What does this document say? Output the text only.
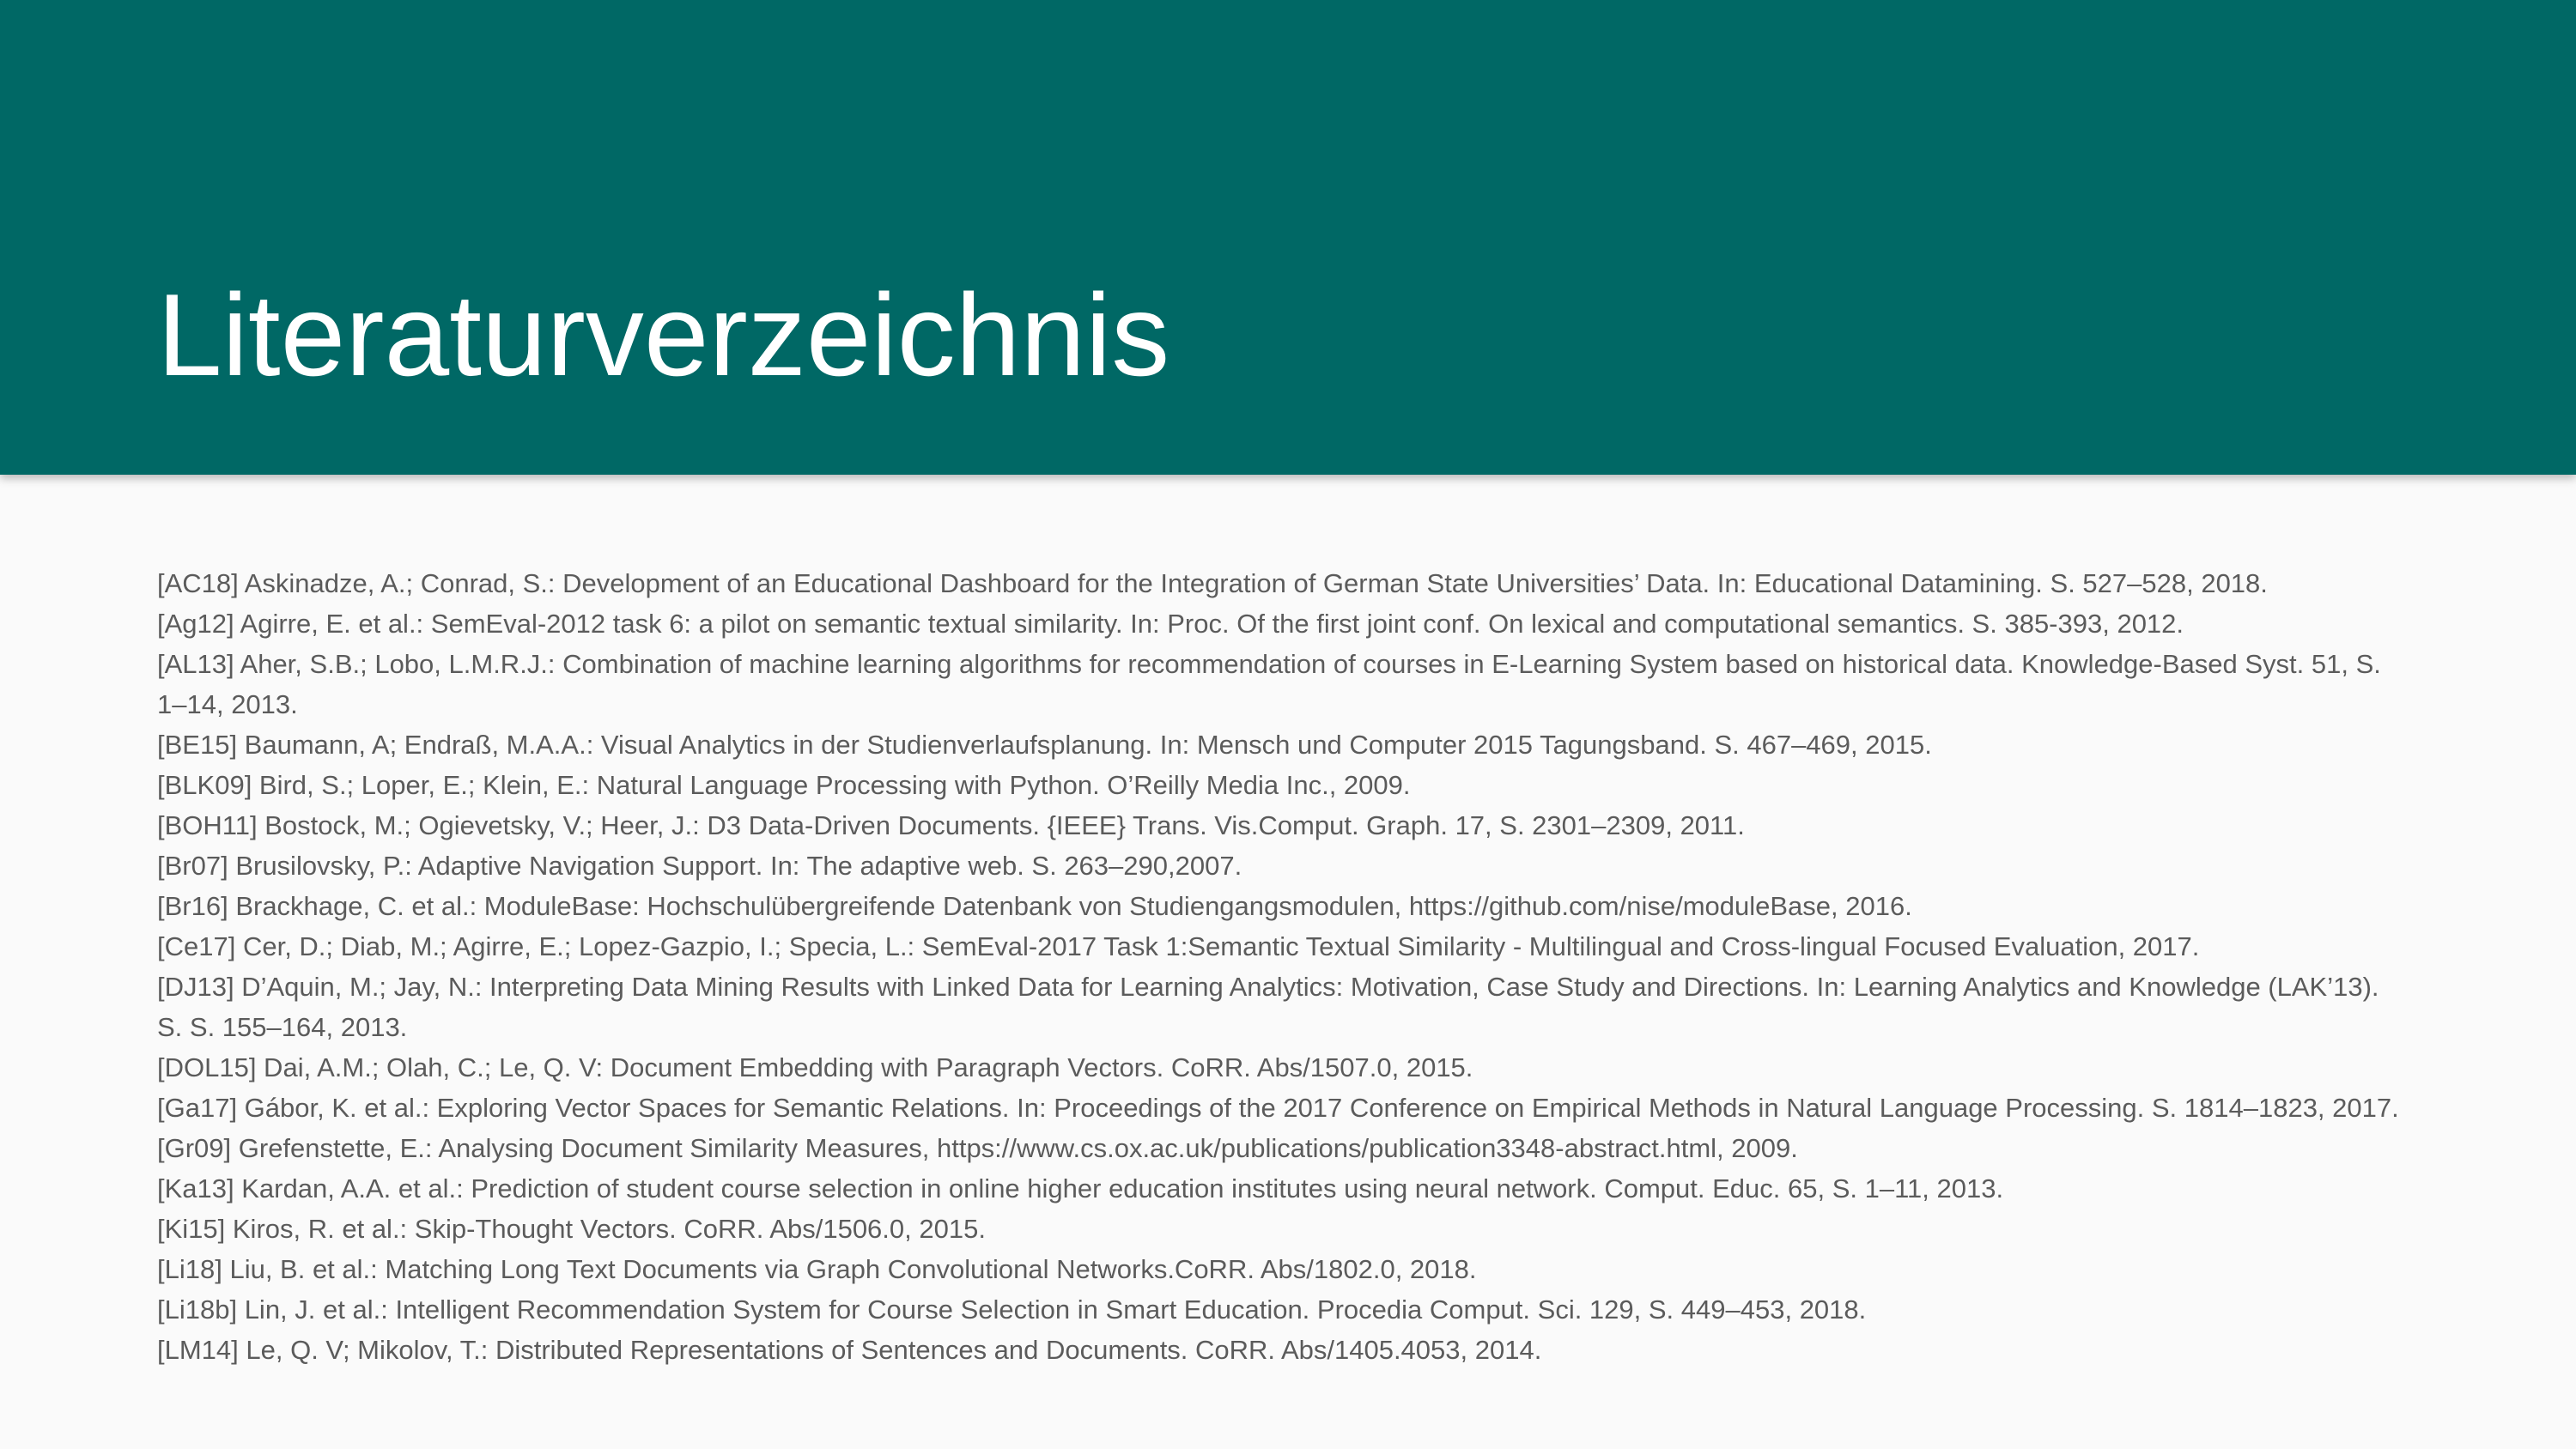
Literaturverzeichnis
[AC18] Askinadze, A.; Conrad, S.: Development of an Educational Dashboard for the Integration of German State Universities’ Data. In: Educational Datamining. S. 527–528, 2018.
[Ag12] Agirre, E. et al.: SemEval-2012 task 6: a pilot on semantic textual similarity. In: Proc. Of the first joint conf. On lexical and computational semantics. S. 385-393, 2012.
[AL13] Aher, S.B.; Lobo, L.M.R.J.: Combination of machine learning algorithms for recommendation of courses in E-Learning System based on historical data. Knowledge-Based Syst. 51, S. 1–14, 2013.
[BE15] Baumann, A; Endraß, M.A.A.: Visual Analytics in der Studienverlaufsplanung. In: Mensch und Computer 2015 Tagungsband. S. 467–469, 2015.
[BLK09] Bird, S.; Loper, E.; Klein, E.: Natural Language Processing with Python. O’Reilly Media Inc., 2009.
[BOH11] Bostock, M.; Ogievetsky, V.; Heer, J.: D3 Data-Driven Documents. {IEEE} Trans. Vis.Comput. Graph. 17, S. 2301–2309, 2011.
[Br07] Brusilovsky, P.: Adaptive Navigation Support. In: The adaptive web. S. 263–290,2007.
[Br16] Brackhage, C. et al.: ModuleBase: Hochschulübergreifende Datenbank von Studiengangsmodulen, https://github.com/nise/moduleBase, 2016.
[Ce17] Cer, D.; Diab, M.; Agirre, E.; Lopez-Gazpio, I.; Specia, L.: SemEval-2017 Task 1:Semantic Textual Similarity - Multilingual and Cross-lingual Focused Evaluation, 2017.
[DJ13] D’Aquin, M.; Jay, N.: Interpreting Data Mining Results with Linked Data for Learning Analytics: Motivation, Case Study and Directions. In: Learning Analytics and Knowledge (LAK’13). S. S. 155–164, 2013.
[DOL15] Dai, A.M.; Olah, C.; Le, Q. V: Document Embedding with Paragraph Vectors. CoRR. Abs/1507.0, 2015.
[Ga17] Gábor, K. et al.: Exploring Vector Spaces for Semantic Relations. In: Proceedings of the 2017 Conference on Empirical Methods in Natural Language Processing. S. 1814–1823, 2017.
[Gr09] Grefenstette, E.: Analysing Document Similarity Measures, https://www.cs.ox.ac.uk/publications/publication3348-abstract.html, 2009.
[Ka13] Kardan, A.A. et al.: Prediction of student course selection in online higher education institutes using neural network. Comput. Educ. 65, S. 1–11, 2013.
[Ki15] Kiros, R. et al.: Skip-Thought Vectors. CoRR. Abs/1506.0, 2015.
[Li18] Liu, B. et al.: Matching Long Text Documents via Graph Convolutional Networks.CoRR. Abs/1802.0, 2018.
[Li18b] Lin, J. et al.: Intelligent Recommendation System for Course Selection in Smart Education. Procedia Comput. Sci. 129, S. 449–453, 2018.
[LM14] Le, Q. V; Mikolov, T.: Distributed Representations of Sentences and Documents. CoRR. Abs/1405.4053, 2014.
